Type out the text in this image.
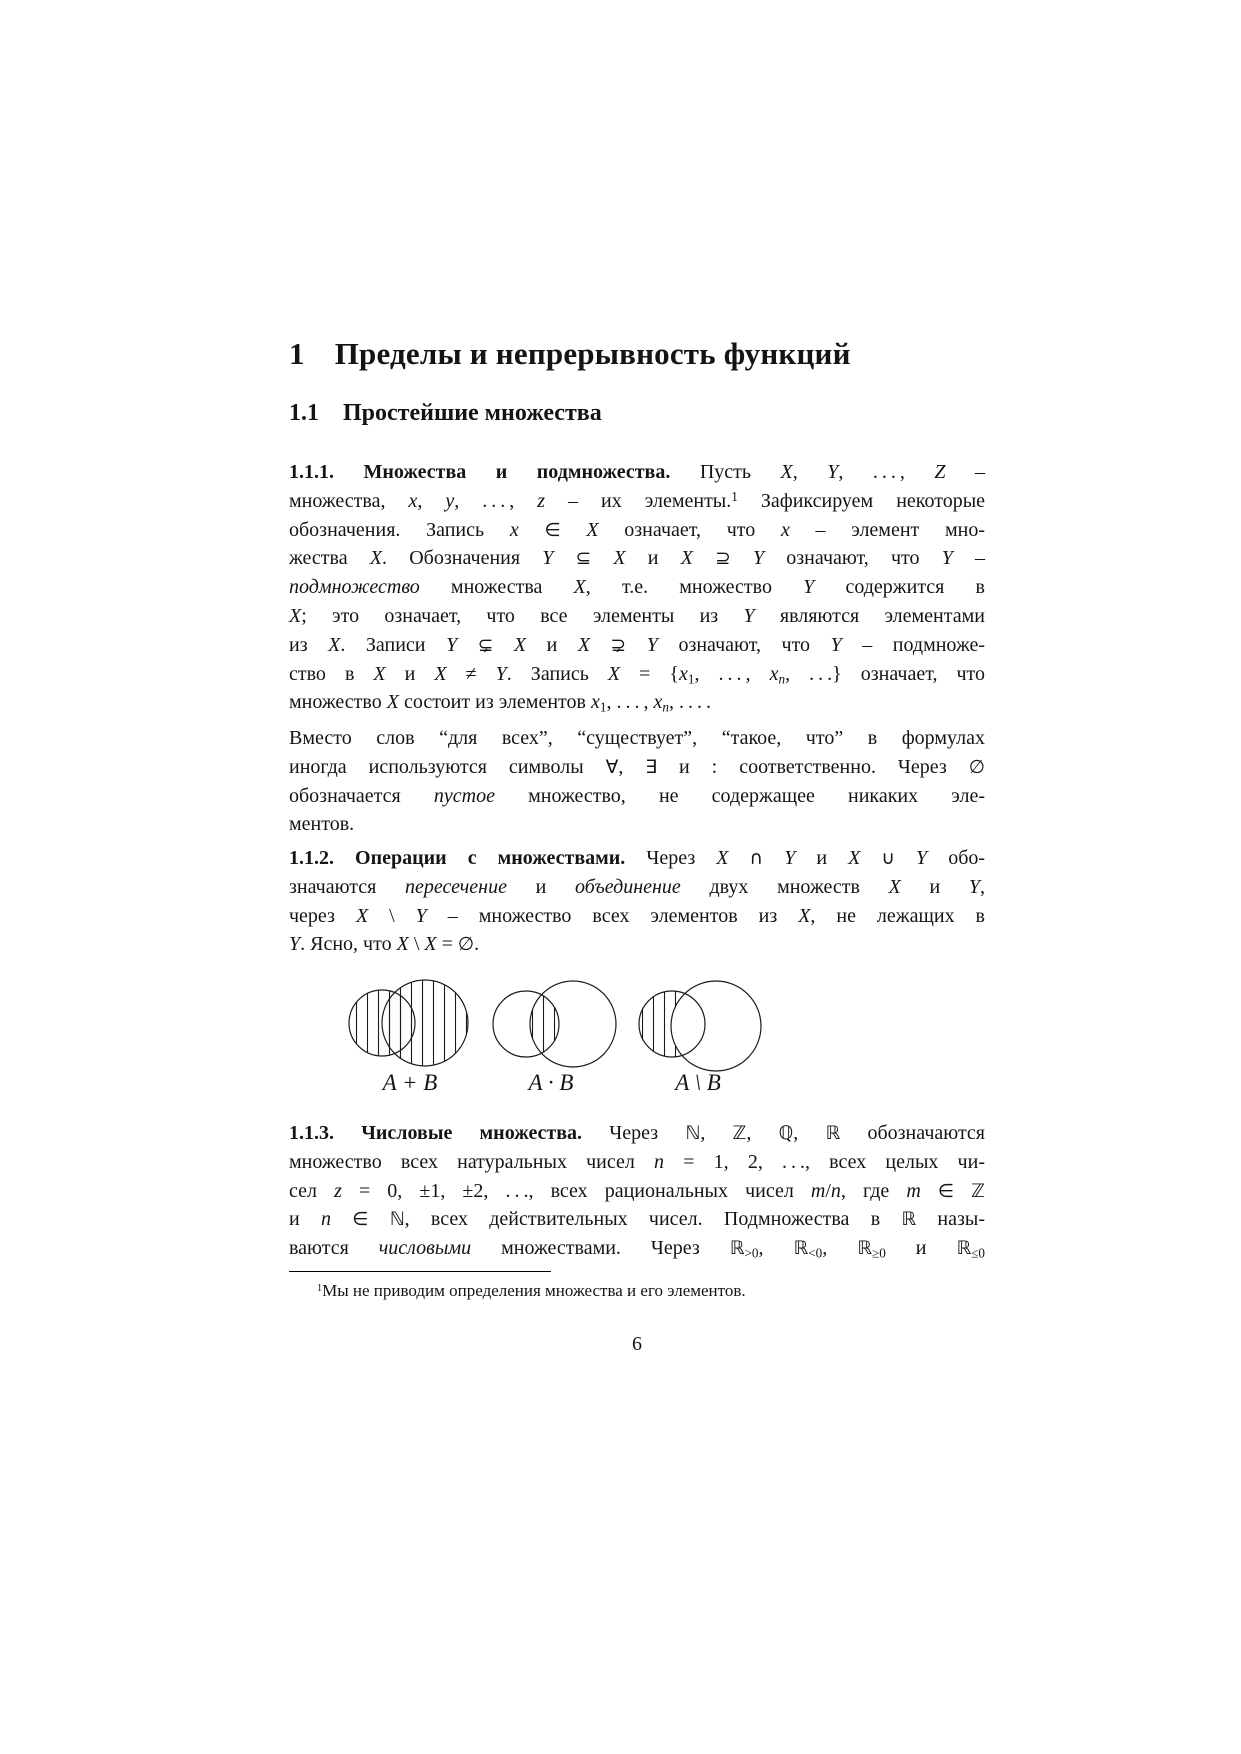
1 Пределы и непрерывность функций
1.1 Простейшие множества
1.1.1. Множества и подмножества. Пусть X, Y, . . . , Z –
множества, x, y, . . . , z – их элементы.$^1$ Зафиксируем некоторые
обозначения. Запись x ∈ X означает, что x – элемент мно-
жества X. Обозначения Y ⊆ X и X ⊇ Y означают, что Y –
подмножество множества X, т.е. множество Y содержится в
X; это означает, что все элементы из Y являются элементами
из X. Записи Y ⊊ X и X ⊋ Y означают, что Y – подмноже-
ство в X и X ≠ Y. Запись $X = \{x_1$, . . . , $x_n$, . . .} означает, что
множество X состоит из элементов $x_1$, . . . , $x_n$, . . . .
Вместо слов “для всех”, “существует”, “такое, что” в формулах
иногда используются символы ∀, ∃ и : соответственно. Через ∅
обозначается пустое множество, не содержащее никаких эле-
ментов.
1.1.2. Операции с множествами. Через X ∩ Y и X ∪ Y обо-
значаются пересечение и объединение двух множеств X и Y,
через X \ Y – множество всех элементов из X, не лежащих в
Y. Ясно, что X \ X = ∅.
A + B	A · B	A \ B
1.1.3. Числовые множества. Через ℕ, ℤ, ℚ, ℝ обозначаются
множество всех натуральных чисел n = 1, 2, . . ., всех целых чи-
сел z = 0, ±1, ±2, . . ., всех рациональных чисел m/n, где m ∈ ℤ
и n ∈ ℕ, всех действительных чисел. Подмножества в ℝ назы-
ваются числовыми множествами. Через ℝ$_{>0}$, ℝ$_{<0}$, ℝ$_{\ge 0}$ и ℝ$_{\le 0}$
$^1$Мы не приводим определения множества и его элементов.
6
